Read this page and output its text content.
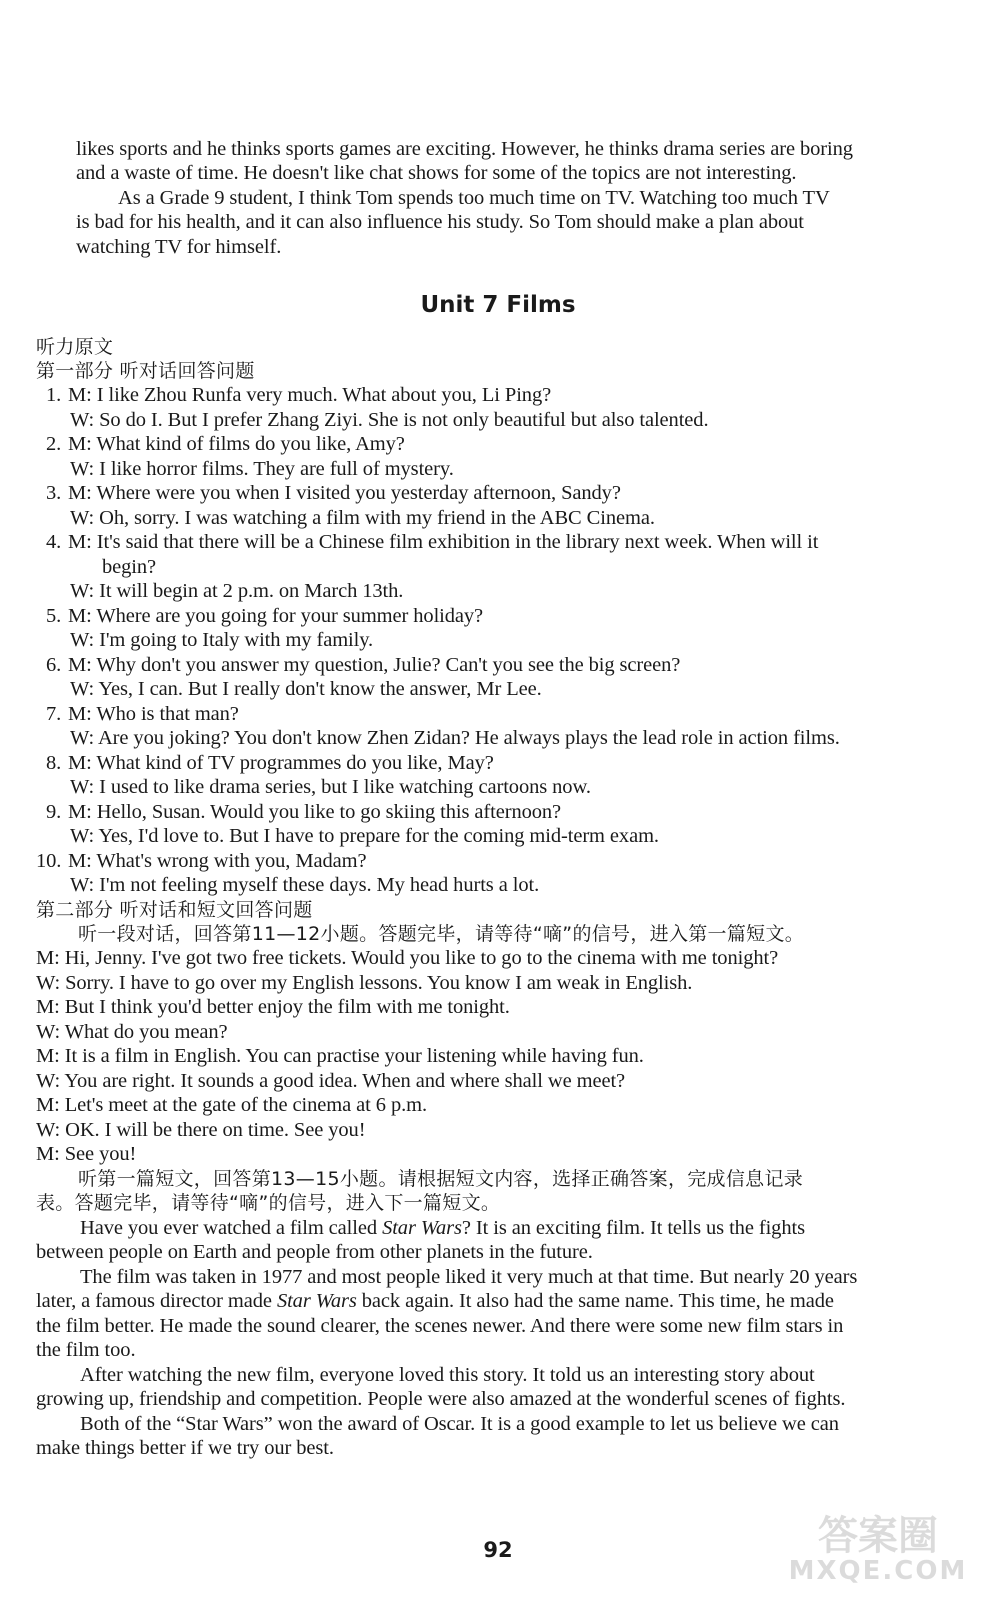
likes sports and he thinks sports games are exciting. However, he thinks drama series are boring
and a waste of time. He doesn't like chat shows for some of the topics are not interesting.
As a Grade 9 student, I think Tom spends too much time on TV. Watching too much TV
is bad for his health, and it can also influence his study. So Tom should make a plan about
watching TV for himself.
Unit 7 Films
听力原文
第一部分 听对话回答问题
1. M: I like Zhou Runfa very much. What about you, Li Ping?
W: So do I. But I prefer Zhang Ziyi. She is not only beautiful but also talented.
2. M: What kind of films do you like, Amy?
W: I like horror films. They are full of mystery.
3. M: Where were you when I visited you yesterday afternoon, Sandy?
W: Oh, sorry. I was watching a film with my friend in the ABC Cinema.
4. M: It's said that there will be a Chinese film exhibition in the library next week. When will it
begin?
W: It will begin at 2 p.m. on March 13th.
5. M: Where are you going for your summer holiday?
W: I'm going to Italy with my family.
6. M: Why don't you answer my question, Julie? Can't you see the big screen?
W: Yes, I can. But I really don't know the answer, Mr Lee.
7. M: Who is that man?
W: Are you joking? You don't know Zhen Zidan? He always plays the lead role in action films.
8. M: What kind of TV programmes do you like, May?
W: I used to like drama series, but I like watching cartoons now.
9. M: Hello, Susan. Would you like to go skiing this afternoon?
W: Yes, I'd love to. But I have to prepare for the coming mid-term exam.
10. M: What's wrong with you, Madam?
W: I'm not feeling myself these days. My head hurts a lot.
第二部分 听对话和短文回答问题
听一段对话，回答第11—12小题。答题完毕，请等待“嘀”的信号，进入第一篇短文。
M: Hi, Jenny. I've got two free tickets. Would you like to go to the cinema with me tonight?
W: Sorry. I have to go over my English lessons. You know I am weak in English.
M: But I think you'd better enjoy the film with me tonight.
W: What do you mean?
M: It is a film in English. You can practise your listening while having fun.
W: You are right. It sounds a good idea. When and where shall we meet?
M: Let's meet at the gate of the cinema at 6 p.m.
W: OK. I will be there on time. See you!
M: See you!
听第一篇短文，回答第13—15小题。请根据短文内容，选择正确答案，完成信息记录
表。答题完毕，请等待“嘀”的信号，进入下一篇短文。
Have you ever watched a film called Star Wars? It is an exciting film. It tells us the fights
between people on Earth and people from other planets in the future.
The film was taken in 1977 and most people liked it very much at that time. But nearly 20 years
later, a famous director made Star Wars back again. It also had the same name. This time, he made
the film better. He made the sound clearer, the scenes newer. And there were some new film stars in
the film too.
After watching the new film, everyone loved this story. It told us an interesting story about
growing up, friendship and competition. People were also amazed at the wonderful scenes of fights.
Both of the “Star Wars” won the award of Oscar. It is a good example to let us believe we can
make things better if we try our best.
92	答案圈
MXQE.COM
